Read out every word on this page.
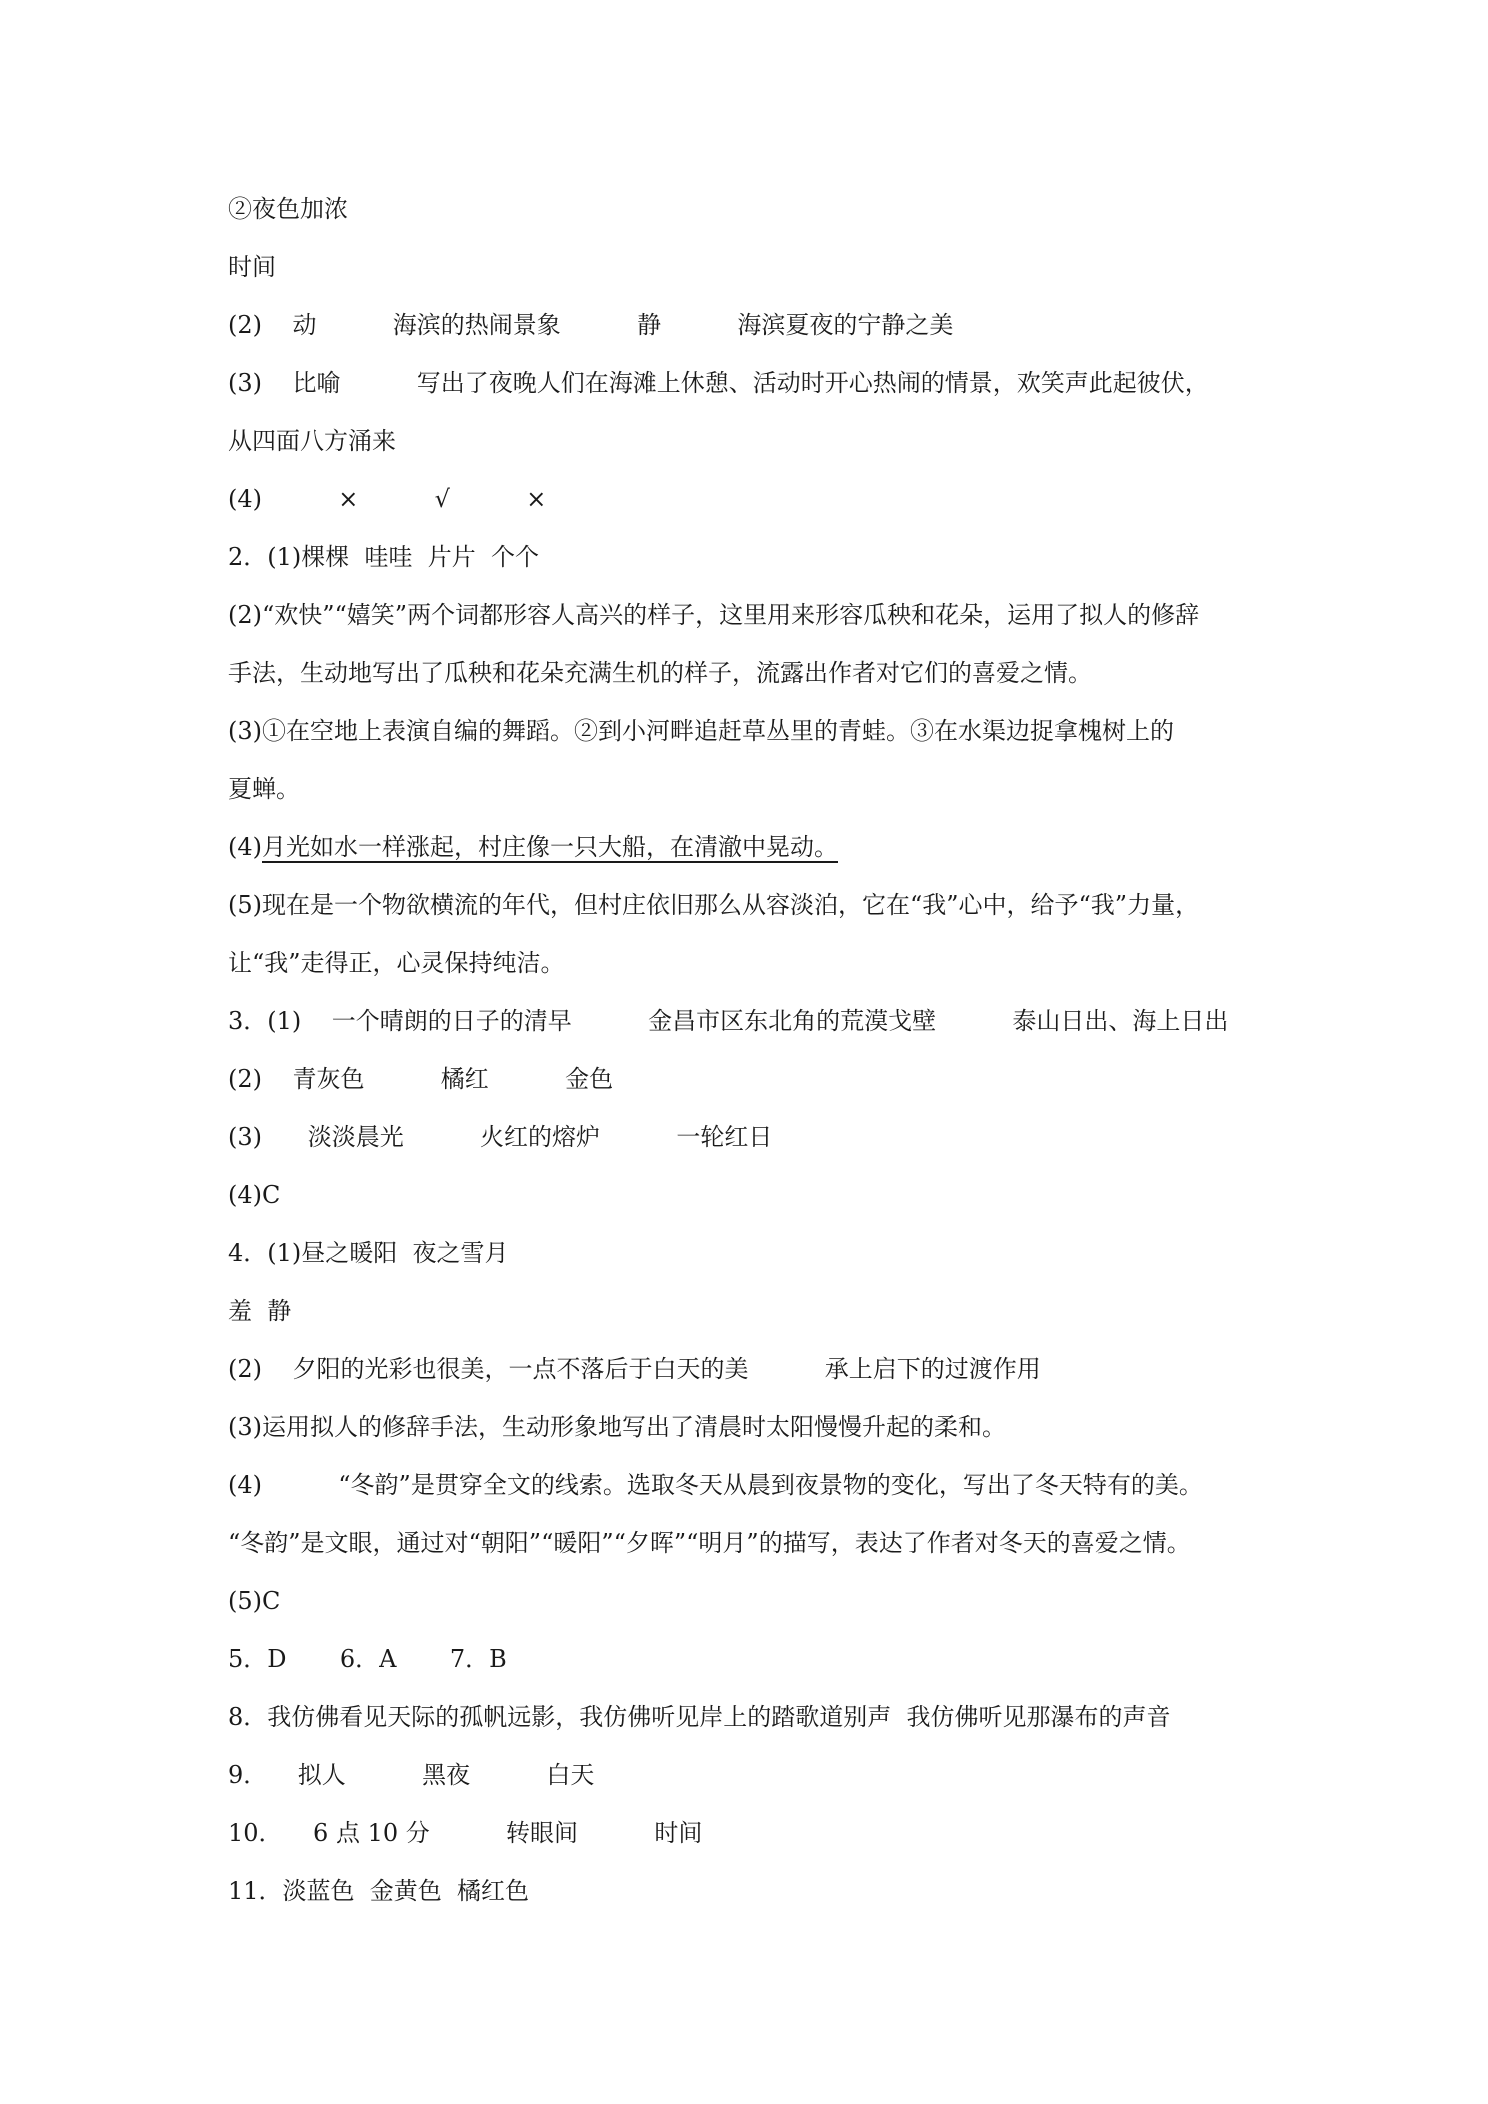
②夜色加浓
时间
(2)    动          海滨的热闹景象          静          海滨夏夜的宁静之美
(3)    比喻          写出了夜晚人们在海滩上休憩、活动时开心热闹的情景，欢笑声此起彼伏，
从四面八方涌来
(4)          ×          √          ×
2．(1)棵棵  哇哇  片片  个个
(2)“欢快”“嬉笑”两个词都形容人高兴的样子，这里用来形容瓜秧和花朵，运用了拟人的修辞
手法，生动地写出了瓜秧和花朵充满生机的样子，流露出作者对它们的喜爱之情。
(3)①在空地上表演自编的舞蹈。②到小河畔追赶草丛里的青蛙。③在水渠边捉拿槐树上的
夏蝉。
(4)月光如水一样涨起，村庄像一只大船，在清澈中晃动。
(5)现在是一个物欲横流的年代，但村庄依旧那么从容淡泊，它在“我”心中，给予“我”力量，
让“我”走得正，心灵保持纯洁。
3．(1)    一个晴朗的日子的清早          金昌市区东北角的荒漠戈壁          泰山日出、海上日出
(2)    青灰色          橘红          金色
(3)      淡淡晨光          火红的熔炉          一轮红日
(4)C
4．(1)昼之暖阳  夜之雪月
羞  静
(2)    夕阳的光彩也很美，一点不落后于白天的美          承上启下的过渡作用
(3)运用拟人的修辞手法，生动形象地写出了清晨时太阳慢慢升起的柔和。
(4)          “冬韵”是贯穿全文的线索。选取冬天从晨到夜景物的变化，写出了冬天特有的美。
“冬韵”是文眼，通过对“朝阳”“暖阳”“夕晖”“明月”的描写，表达了作者对冬天的喜爱之情。
(5)C
5．D       6．A       7．B
8．我仿佛看见天际的孤帆远影，我仿佛听见岸上的踏歌道别声  我仿佛听见那瀑布的声音
9．    拟人          黑夜          白天
10．    6 点 10 分          转眼间          时间
11．淡蓝色  金黄色  橘红色
